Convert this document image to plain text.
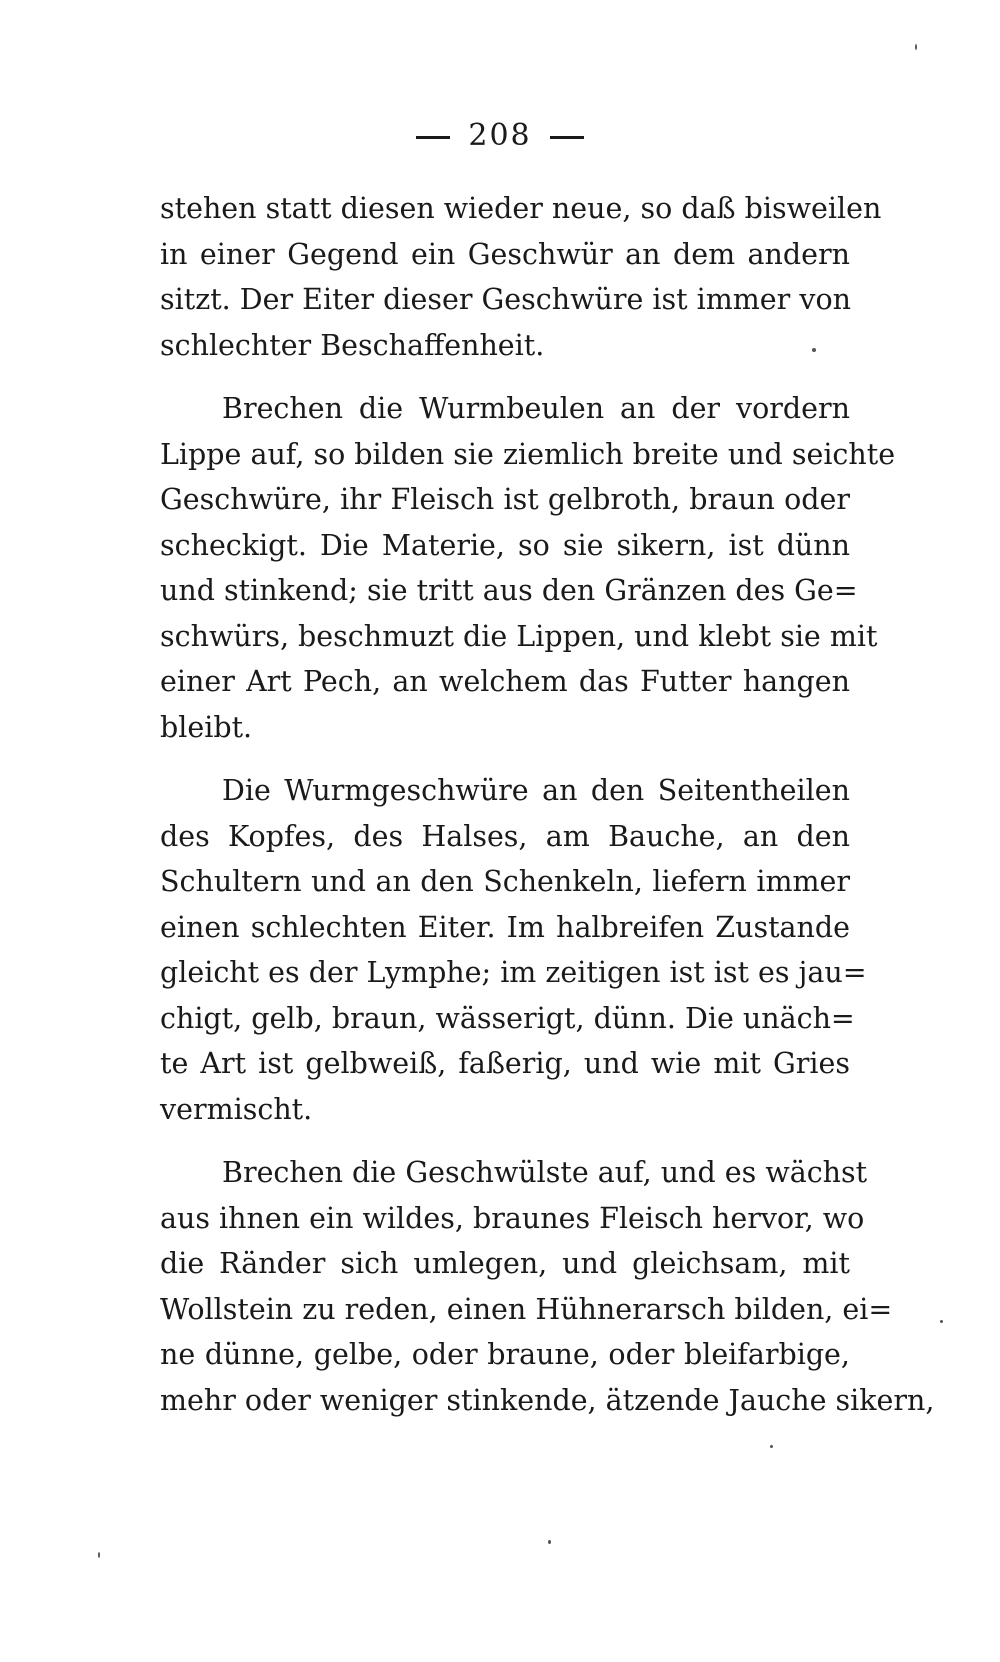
208
stehen statt diesen wieder neue, so daß bisweilen
in einer Gegend ein Geschwür an dem andern
sitzt. Der Eiter dieser Geschwüre ist immer von
schlechter Beschaffenheit.
Brechen die Wurmbeulen an der vordern
Lippe auf, so bilden sie ziemlich breite und seichte
Geschwüre, ihr Fleisch ist gelbroth, braun oder
scheckigt. Die Materie, so sie sikern, ist dünn
und stinkend; sie tritt aus den Gränzen des Ge=
schwürs, beschmuzt die Lippen, und klebt sie mit
einer Art Pech, an welchem das Futter hangen
bleibt.
Die Wurmgeschwüre an den Seitentheilen
des Kopfes, des Halses, am Bauche, an den
Schultern und an den Schenkeln, liefern immer
einen schlechten Eiter. Im halbreifen Zustande
gleicht es der Lymphe; im zeitigen ist ist es jau=
chigt, gelb, braun, wässerigt, dünn. Die unäch=
te Art ist gelbweiß, faßerig, und wie mit Gries
vermischt.
Brechen die Geschwülste auf, und es wächst
aus ihnen ein wildes, braunes Fleisch hervor, wo
die Ränder sich umlegen, und gleichsam, mit
Wollstein zu reden, einen Hühnerarsch bilden, ei=
ne dünne, gelbe, oder braune, oder bleifarbige,
mehr oder weniger stinkende, ätzende Jauche sikern,
